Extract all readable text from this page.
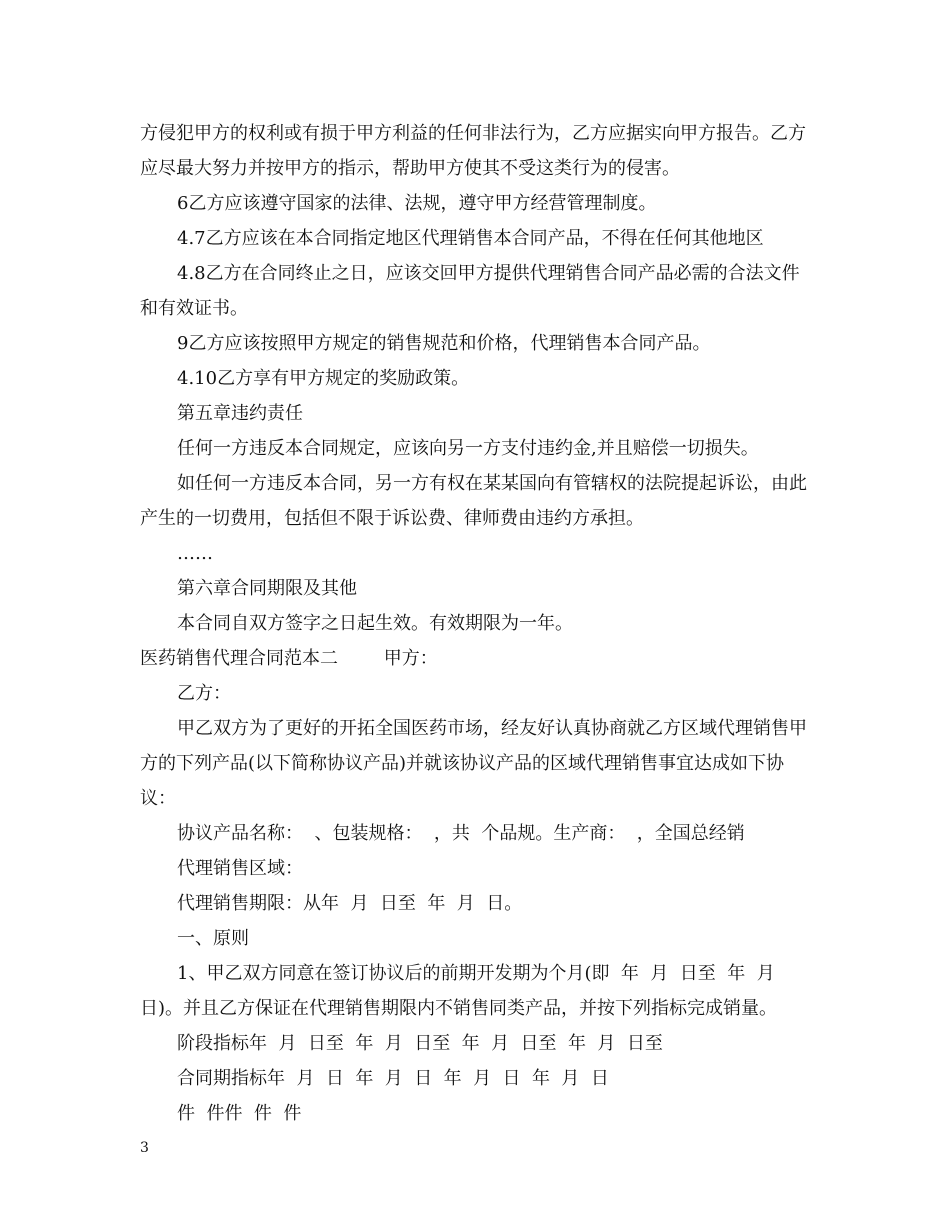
方侵犯甲方的权利或有损于甲方利益的任何非法行为，乙方应据实向甲方报告。乙方应尽最大努力并按甲方的指示，帮助甲方使其不受这类行为的侵害。

6乙方应该遵守国家的法律、法规，遵守甲方经营管理制度。

4.7乙方应该在本合同指定地区代理销售本合同产品，不得在任何其他地区

4.8乙方在合同终止之日，应该交回甲方提供代理销售合同产品必需的合法文件和有效证书。

9乙方应该按照甲方规定的销售规范和价格，代理销售本合同产品。

4.10乙方享有甲方规定的奖励政策。

第五章违约责任

任何一方违反本合同规定，应该向另一方支付违约金,并且赔偿一切损失。

如任何一方违反本合同，另一方有权在某某国向有管辖权的法院提起诉讼，由此产生的一切费用，包括但不限于诉讼费、律师费由违约方承担。

……

第六章合同期限及其他

本合同自双方签字之日起生效。有效期限为一年。

医药销售代理合同范本二        甲方：

乙方：

甲乙双方为了更好的开拓全国医药市场，经友好认真协商就乙方区域代理销售甲方的下列产品(以下简称协议产品)并就该协议产品的区域代理销售事宜达成如下协议：

协议产品名称：  、包装规格：  ，共  个品规。生产商：  ，全国总经销

代理销售区域：

代理销售期限：从年  月  日至  年  月  日。

一、原则

1、甲乙双方同意在签订协议后的前期开发期为个月(即  年  月  日至  年  月  日)。并且乙方保证在代理销售期限内不销售同类产品，并按下列指标完成销量。

阶段指标年  月  日至  年  月  日至  年  月  日至  年  月  日至

合同期指标年  月  日  年  月  日  年  月  日  年  月  日

件  件件  件  件

3
